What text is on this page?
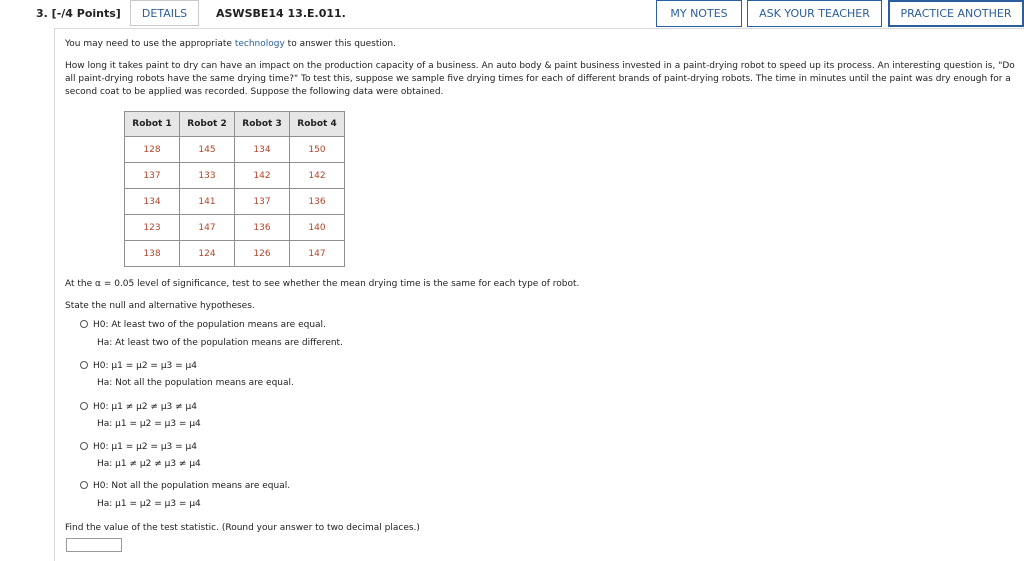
3. [-/4 Points]	DETAILS	ASWSBE14 13.E.011.	MY NOTES	ASK YOUR TEACHER	PRACTICE ANOTHER

You may need to use the appropriate technology to answer this question.

How long it takes paint to dry can have an impact on the production capacity of a business. An auto body & paint business invested in a paint-drying robot to speed up its process. An interesting question is, "Do all paint-drying robots have the same drying time?" To test this, suppose we sample five drying times for each of different brands of paint-drying robots. The time in minutes until the paint was dry enough for a second coat to be applied was recorded. Suppose the following data were obtained.

Robot 1	Robot 2	Robot 3	Robot 4
128	145	134	150
137	133	142	142
134	141	137	136
123	147	136	140
138	124	126	147
At the α = 0.05 level of significance, test to see whether the mean drying time is the same for each type of robot.
State the null and alternative hypotheses.
H0: At least two of the population means are equal.
Ha: At least two of the population means are different.
H0: μ1 = μ2 = μ3 = μ4
Ha: Not all the population means are equal.
H0: μ1 ≠ μ2 ≠ μ3 ≠ μ4
Ha: μ1 = μ2 = μ3 = μ4
H0: μ1 = μ2 = μ3 = μ4
Ha: μ1 ≠ μ2 ≠ μ3 ≠ μ4
H0: Not all the population means are equal.
Ha: μ1 = μ2 = μ3 = μ4
Find the value of the test statistic. (Round your answer to two decimal places.)
